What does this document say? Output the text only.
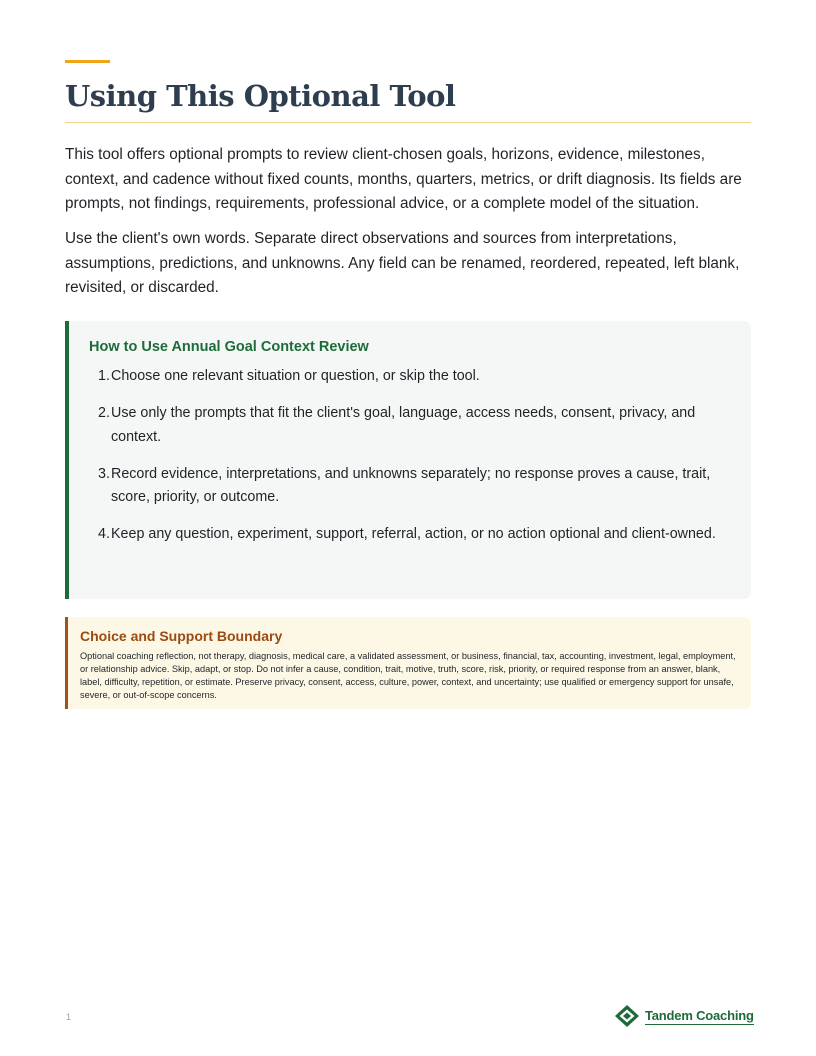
Using This Optional Tool

This tool offers optional prompts to review client-chosen goals, horizons, evidence, milestones, context, and cadence without fixed counts, months, quarters, metrics, or drift diagnosis. Its fields are prompts, not findings, requirements, professional advice, or a complete model of the situation.

Use the client's own words. Separate direct observations and sources from interpretations, assumptions, predictions, and unknowns. Any field can be renamed, reordered, repeated, left blank, revisited, or discarded.

How to Use Annual Goal Context Review
1. Choose one relevant situation or question, or skip the tool.
2. Use only the prompts that fit the client's goal, language, access needs, consent, privacy, and context.
3. Record evidence, interpretations, and unknowns separately; no response proves a cause, trait, score, priority, or outcome.
4. Keep any question, experiment, support, referral, action, or no action optional and client-owned.
Choice and Support Boundary

Optional coaching reflection, not therapy, diagnosis, medical care, a validated assessment, or business, financial, tax, accounting, investment, legal, employment, or relationship advice. Skip, adapt, or stop. Do not infer a cause, condition, trait, motive, truth, score, risk, priority, or required response from an answer, blank, label, difficulty, repetition, or estimate. Preserve privacy, consent, access, culture, power, context, and uncertainty; use qualified or emergency support for unsafe, severe, or out-of-scope concerns.

1	Tandem Coaching
